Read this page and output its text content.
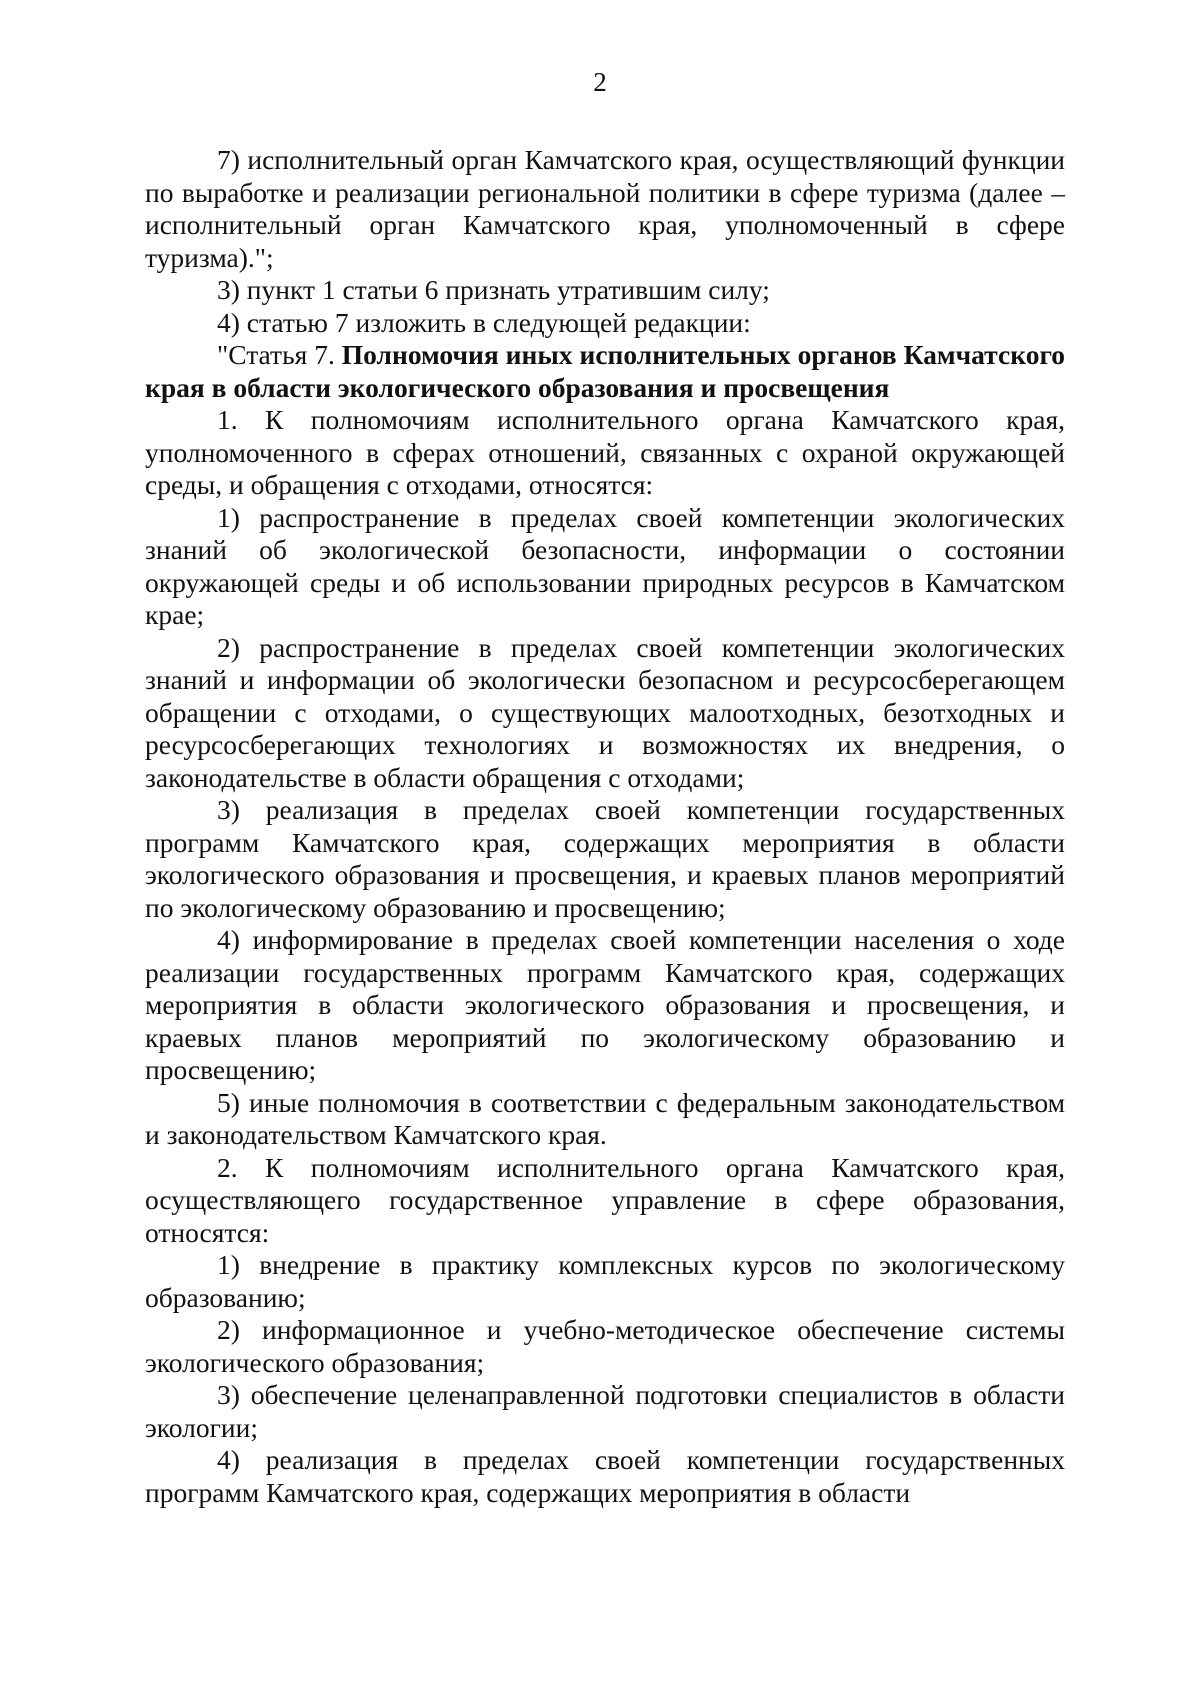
2

7) исполнительный орган Камчатского края, осуществляющий функции по выработке и реализации региональной политики в сфере туризма (далее – исполнительный орган Камчатского края, уполномоченный в сфере туризма).";

3) пункт 1 статьи 6 признать утратившим силу;

4) статью 7 изложить в следующей редакции:

"Статья 7. Полномочия иных исполнительных органов Камчатского края в области экологического образования и просвещения

1. К полномочиям исполнительного органа Камчатского края, уполномоченного в сферах отношений, связанных с охраной окружающей среды, и обращения с отходами, относятся:

1) распространение в пределах своей компетенции экологических знаний об экологической безопасности, информации о состоянии окружающей среды и об использовании природных ресурсов в Камчатском крае;

2) распространение в пределах своей компетенции экологических знаний и информации об экологически безопасном и ресурсосберегающем обращении с отходами, о существующих малоотходных, безотходных и ресурсосберегающих технологиях и возможностях их внедрения, о законодательстве в области обращения с отходами;

3) реализация в пределах своей компетенции государственных программ Камчатского края, содержащих мероприятия в области экологического образования и просвещения, и краевых планов мероприятий по экологическому образованию и просвещению;

4) информирование в пределах своей компетенции населения о ходе реализации государственных программ Камчатского края, содержащих мероприятия в области экологического образования и просвещения, и краевых планов мероприятий по экологическому образованию и просвещению;

5) иные полномочия в соответствии с федеральным законодательством и законодательством Камчатского края.

2. К полномочиям исполнительного органа Камчатского края, осуществляющего государственное управление в сфере образования, относятся:

1) внедрение в практику комплексных курсов по экологическому образованию;

2) информационное и учебно-методическое обеспечение системы экологического образования;

3) обеспечение целенаправленной подготовки специалистов в области экологии;

4) реализация в пределах своей компетенции государственных программ Камчатского края, содержащих мероприятия в области
